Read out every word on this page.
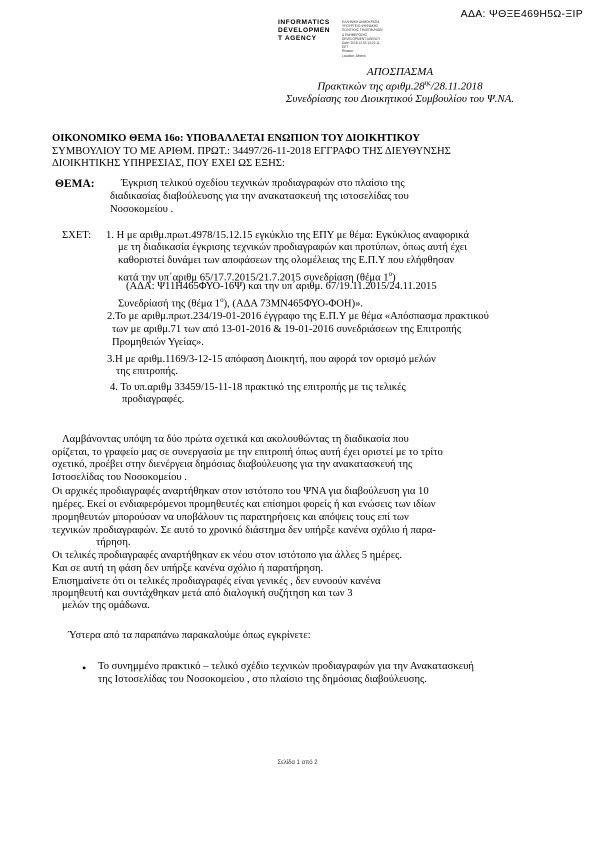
ΑΔΑ: ΨΘΞΕ469Η5Ω-ΞΙΡ
INFORMATICS
DEVELOPMEN
T AGENCY
ΕΛΛΗΝΙΚΗ ΔΗΜΟΚΡΑΤΙΑ
ΥΠΟΥΡΓΕΙΟ ΨΗΦΙΑΚΗΣ
ΠΟΛΙΤΙΚΗΣ ΤΗΛΕΠΙΚ/ΝΙΩΝ
& ΕΝΗΜΕΡΩΣΗΣ
DEVELOPMENT AGENCY
Date: 2018.12.03 13:21:11
EET
Reason:
Location: Athens
ΑΠΟΣΠΑΣΜΑ
Πρακτικών της $\alpha\rho\iota\theta\mu.28^{\eta\varsigma}/28.11.2018$
Συνεδρίασης του Διοικητικού Συμβουλίου του Ψ.ΝΑ.
ΟΙΚΟΝΟΜΙΚΟ ΘΕΜΑ 16ο: ΥΠΟΒΑΛΛΕΤΑΙ ΕΝΩΠΙΟΝ ΤΟΥ ΔΙΟΙΚΗΤΙΚΟΥ
ΣΥΜΒΟΥΛΙΟΥ ΤΟ ΜΕ ΑΡΙΘΜ. ΠΡΩΤ.: 34497/26-11-2018 ΕΓΓΡΑΦΟ ΤΗΣ ΔΙΕΥΘΥΝΣΗΣ
ΔΙΟΙΚΗΤΙΚΗΣ ΥΠΗΡΕΣΙΑΣ, ΠΟΥ ΕΧΕΙ ΩΣ ΕΞΗΣ:
ΘΕΜΑ: Έγκριση τελικού σχεδίου τεχνικών προδιαγραφών στο πλαίσιο της
διαδικασίας διαβούλευσης για την ανακατασκευή της ιστοσελίδας του
Νοσοκομείου .
ΣΧΕΤ: 1. Η με αριθμ.πρωτ.4978/15.12.15 εγκύκλιο της ΕΠΥ με θέμα: Εγκύκλιος αναφορικά
με τη διαδικασία έγκρισης τεχνικών προδιαγραφών και προτύπων, όπως αυτή έχει
καθοριστεί δυνάμει των αποφάσεων της ολομέλειας της Ε.Π.Υ που ελήφθησαν
κατά την υπ΄αριθμ 65/17.7.2015/21.7.2015 συνεδρίαση (θέμα $1^o$)
(ΑΔΑ: Ψ11Η465ΦΥΟ-16Ψ) και την υπ΄αριθμ. 67/19.11.2015/24.11.2015
Συνεδρίασή της (θέμα $1^o$), (ΑΔΑ 73ΜΝ465ΦΥΟ-ΦΟΗ)».
2.Το με αριθμ.πρωτ.234/19-01-2016 έγγραφο της Ε.Π.Υ με θέμα «Απόσπασμα πρακτικού
των με αριθμ.71 των από 13-01-2016 & 19-01-2016 συνεδριάσεων της Επιτροπής
Προμηθειών Υγείας».
3.Η με αριθμ.1169/3-12-15 απόφαση Διοικητή, που αφορά τον ορισμό μελών
της επιτροπής.
4. Το υπ.αριθμ 33459/15-11-18 πρακτικό της επιτροπής με τις τελικές
προδιαγραφές.
Λαμβάνοντας υπόψη τα δύο πρώτα σχετικά και ακολουθώντας τη διαδικασία που
ορίζεται, το γραφείο μας σε συνεργασία με την επιτροπή όπως αυτή έχει οριστεί με το τρίτο
σχετικό, προέβει στην διενέργεια δημόσιας διαβούλευσης για την ανακατασκευή της
Ιστοσελίδας του Νοσοκομείου .
Οι αρχικές προδιαγραφές αναρτήθηκαν στον ιστότοπο του ΨΝΑ για διαβούλευση για 10
ημέρες. Εκεί οι ενδιαφερόμενοι προμηθευτές και επίσημοι φορείς ή και ενώσεις των ιδίων
προμηθευτών μπορούσαν να υποβάλουν τις παρατηρήσεις και απόψεις τους επί των
τεχνικών προδιαγραφών. Σε αυτό το χρονικό διάστημα δεν υπήρξε κανένα σχόλιο ή παρα-
τήρηση.
Οι τελικές προδιαγραφές αναρτήθηκαν εκ νέου στον ιστότοπο για άλλες 5 ημέρες.
Και σε αυτή τη φάση δεν υπήρξε κανένα σχόλιο ή παρατήρηση.
Επισημαίνετε ότι οι τελικές προδιαγραφές είναι γενικές , δεν ευνοούν κανένα
προμηθευτή και συντάχθηκαν μετά από διαλογική συζήτηση και των 3
μελών της ομάδωνα.
Ύστερα από τα παραπάνω παρακαλούμε όπως εγκρίνετε:
• Το συνημμένο πρακτικό – τελικό σχέδιο τεχνικών προδιαγραφών για την Ανακατασκευή
της Ιστοσελίδας του Νοσοκομείου , στο πλαίσιο της δημόσιας διαβούλευσης.
Σελίδα 1 από 2
